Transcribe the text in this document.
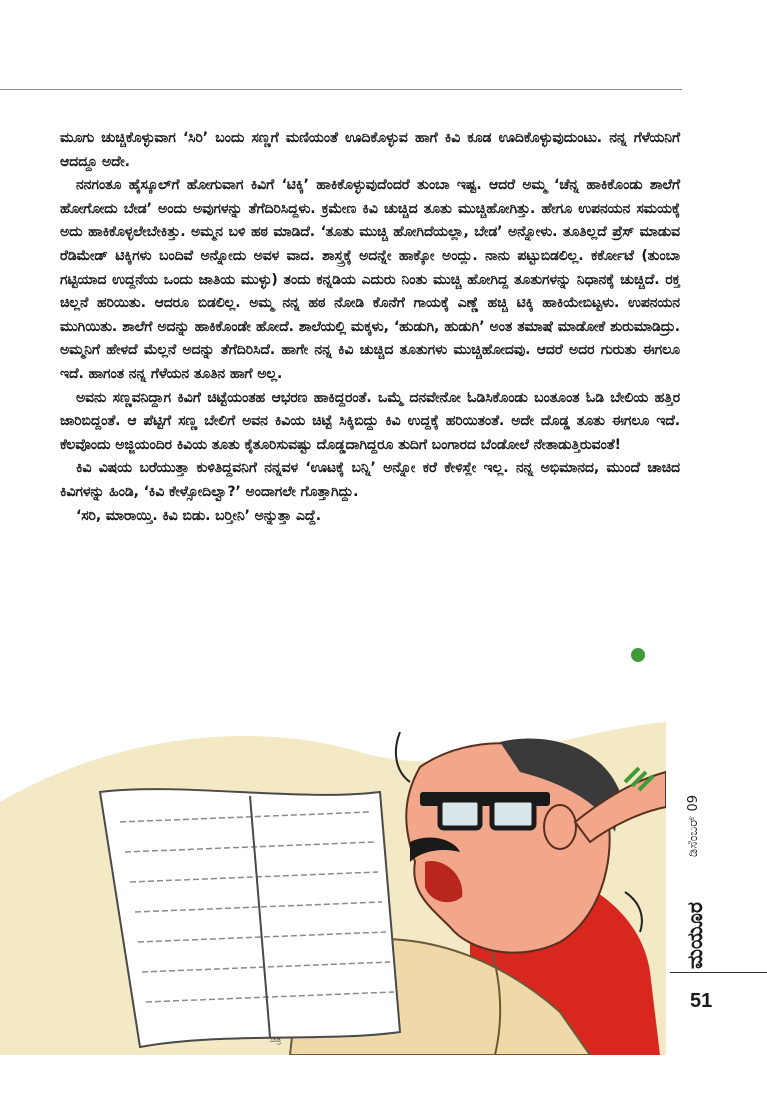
ಮೂಗು ಚುಚ್ಚಿಕೊಳ್ಳುವಾಗ ‘ಸಿರಿ’ ಬಂದು ಸಣ್ಣಗೆ ಮಣಿಯಂತೆ ಊದಿಕೊಳ್ಳುವ ಹಾಗೆ ಕಿವಿ ಕೂಡ ಊದಿಕೊಳ್ಳುವುದುಂಟು. ನನ್ನ ಗೆಳೆಯನಿಗೆ ಆದದ್ದೂ ಅದೇ.

ನನಗಂತೂ ಹೈಸ್ಕೂಲ್‌ಗೆ ಹೋಗುವಾಗ ಕಿವಿಗೆ ‘ಟಿಕ್ಕಿ’ ಹಾಕಿಕೊಳ್ಳುವುದೆಂದರೆ ತುಂಬಾ ಇಷ್ಟ. ಆದರೆ ಅಮ್ಮ ‘ಚೆನ್ನ ಹಾಕಿಕೊಂಡು ಶಾಲೆಗೆ ಹೋಗೋದು ಬೇಡ’ ಅಂದು ಅವುಗಳನ್ನು ತೆಗೆದಿರಿಸಿದ್ದಳು. ಕ್ರಮೇಣ ಕಿವಿ ಚುಚ್ಚಿದ ತೂತು ಮುಚ್ಚಿಹೋಗಿತ್ತು. ಹೇಗೂ ಉಪನಯನ ಸಮಯಕ್ಕೆ ಅದು ಹಾಕಿಕೊಳ್ಳಲೇಬೇಕಿತ್ತು. ಅಮ್ಮನ ಬಳಿ ಹಠ ಮಾಡಿದೆ. ‘ತೂತು ಮುಚ್ಚಿ ಹೋಗಿದೆಯಲ್ಲಾ, ಬೇಡ’ ಅನ್ನೋಳು. ತೂತಿಲ್ಲದೆ ಪ್ರೆಸ್ ಮಾಡುವ ರೆಡಿಮೇಡ್ ಟಿಕ್ಕಿಗಳು ಬಂದಿವೆ ಅನ್ನೋದು ಅವಳ ವಾದ. ಶಾಸ್ತ್ರಕ್ಕೆ ಅದನ್ನೇ ಹಾಕ್ಕೋ ಅಂದ್ಲು. ನಾನು ಪಟ್ಟುಬಿಡಲಿಲ್ಲ. ಕರ್ಕೋಟೆ (ತುಂಬಾ ಗಟ್ಟಿಯಾದ ಉದ್ದನೆಯ ಒಂದು ಜಾತಿಯ ಮುಳ್ಳು) ತಂದು ಕನ್ನಡಿಯ ಎದುರು ನಿಂತು ಮುಚ್ಚಿ ಹೋಗಿದ್ದ ತೂತುಗಳನ್ನು ನಿಧಾನಕ್ಕೆ ಚುಚ್ಚಿದೆ. ರಕ್ತ ಚಿಲ್ಲನೆ ಹರಿಯಿತು. ಆದರೂ ಬಿಡಲಿಲ್ಲ. ಅಮ್ಮ ನನ್ನ ಹಠ ನೋಡಿ ಕೊನೆಗೆ ಗಾಯಕ್ಕೆ ಎಣ್ಣೆ ಹಚ್ಚಿ ಟಿಕ್ಕಿ ಹಾಕಿಯೇಬಿಟ್ಟಳು. ಉಪನಯನ ಮುಗಿಯಿತು. ಶಾಲೆಗೆ ಅದನ್ನು ಹಾಕಿಕೊಂಡೇ ಹೋದೆ. ಶಾಲೆಯಲ್ಲಿ ಮಕ್ಕಳು, ‘ಹುಡುಗಿ, ಹುಡುಗಿ’ ಅಂತ ತಮಾಷೆ ಮಾಡೋಕೆ ಶುರುಮಾಡಿದ್ರು. ಅಮ್ಮನಿಗೆ ಹೇಳದೆ ಮೆಲ್ಲನೆ ಅದನ್ನು ತೆಗೆದಿರಿಸಿದೆ. ಹಾಗೇ ನನ್ನ ಕಿವಿ ಚುಚ್ಚಿದ ತೂತುಗಳು ಮುಚ್ಚಿಹೋದವು. ಆದರೆ ಅದರ ಗುರುತು ಈಗಲೂ ಇದೆ. ಹಾಗಂತ ನನ್ನ ಗೆಳೆಯನ ತೂತಿನ ಹಾಗೆ ಅಲ್ಲ.

ಅವನು ಸಣ್ಣವನಿದ್ದಾಗ ಕಿವಿಗೆ ಚಿಟ್ಟೆಯಂತಹ ಆಭರಣ ಹಾಕಿದ್ದರಂತೆ. ಒಮ್ಮೆ ದನವೇನೋ ಓಡಿಸಿಕೊಂಡು ಬಂತೂಂತ ಓಡಿ ಬೇಲಿಯ ಹತ್ತಿರ ಜಾರಿಬಿದ್ದಂತೆ. ಆ ಪೆಟ್ಟಿಗೆ ಸಣ್ಣ ಬೇಲಿಗೆ ಅವನ ಕಿವಿಯ ಚಿಟ್ಟೆ ಸಿಕ್ಕಿಬಿದ್ದು ಕಿವಿ ಉದ್ದಕ್ಕೆ ಹರಿಯಿತಂತೆ. ಅದೇ ದೊಡ್ಡ ತೂತು ಈಗಲೂ ಇದೆ. ಕೆಲವೊಂದು ಅಜ್ಜಿಯಂದಿರ ಕಿವಿಯ ತೂತು ಕೈತೂರಿಸುವಷ್ಟು ದೊಡ್ಡದಾಗಿದ್ದರೂ ತುದಿಗೆ ಬಂಗಾರದ ಬೆಂಡೋಲೆ ನೇತಾಡುತ್ತಿರುವಂತೆ!

ಕಿವಿ ವಿಷಯ ಬರೆಯುತ್ತಾ ಕುಳಿತಿದ್ದವನಿಗೆ ನನ್ನವಳ ‘ಊಟಕ್ಕೆ ಬನ್ನಿ’ ಅನ್ನೋ ಕರೆ ಕೇಳಿಸ್ಲೇ ಇಲ್ಲ. ನನ್ನ ಅಭಿಮಾನದ, ಮುಂದೆ ಚಾಚಿದ ಕಿವಿಗಳನ್ನು ಹಿಂಡಿ, ‘ಕಿವಿ ಕೇಳ್ಸೋದಿಲ್ವಾ?’ ಅಂದಾಗಲೇ ಗೊತ್ತಾಗಿದ್ದು.

‘ಸರಿ, ಮಾರಾಯ್ತಿ. ಕಿವಿ ಬಿಡು. ಬರ್‍ತೀನಿ’ ಅನ್ನುತ್ತಾ ಎದ್ದೆ.

ಚಿತ್ರ
ಡಿಸೆಂಬರ್ 09
ಮಯೂರ
51
